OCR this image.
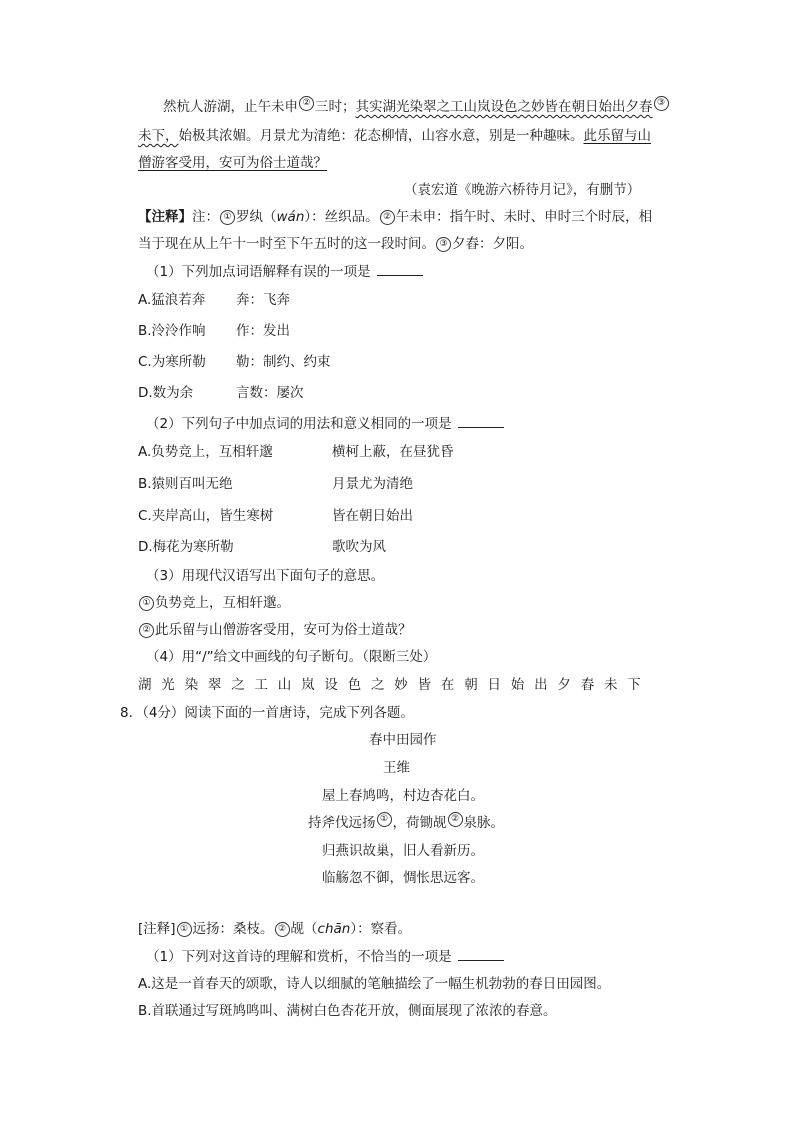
然杭人游湖，止午未申 ② 三时；其实湖光染翠之工山岚设色之妙皆在朝日始出夕春 ③
未下，始极其浓媚。月景尤为清绝：花态柳情，山容水意，别是一种趣味。此乐留与山
僧游客受用，安可为俗士道哉？
（袁宏道《晚游六桥待月记》，有删节）
【注释】注： ① 罗纨（wán）：丝织品。 ② 午未申：指午时、未时、申时三个时辰，相
当于现在从上午十一时至下午五时的这一段时间。 ③ 夕舂：夕阳。
（1）下列加点词语解释有误的一项是
A.猛浪若奔 奔：飞奔
B.泠泠作响 作：发出
C.为寒所勒 勒：制约、约束
D.数为余	言数：屡次
（2）下列句子中加点词的用法和意义相同的一项是
A.负势竞上，互相轩邈	横柯上蔽，在昼犹昏
B.猿则百叫无绝	月景尤为清绝
C.夹岸高山，皆生寒树	皆在朝日始出
D.梅花为寒所勒	歌吹为风
（3）用现代汉语写出下面句子的意思。
① 负势竞上，互相轩邈。
② 此乐留与山僧游客受用，安可为俗士道哉？
（4）用“/”给文中画线的句子断句。（限断三处）
湖光染翠之工山岚设色之妙皆在朝日始出夕舂未下
8．（4分）阅读下面的一首唐诗，完成下列各题。
春中田园作
王维
屋上春鸠鸣，村边杏花白。
持斧伐远扬 ① ，荷锄觇 ② 泉脉。
归燕识故巢，旧人看新历。
临觞忽不御，惆怅思远客。
[注释] ① 远扬：桑枝。 ② 觇（chān）：察看。
（1）下列对这首诗的理解和赏析，不恰当的一项是
A.这是一首春天的颂歌，诗人以细腻的笔触描绘了一幅生机勃勃的春日田园图。
B.首联通过写斑鸠鸣叫、满树白色杏花开放，侧面展现了浓浓的春意。
